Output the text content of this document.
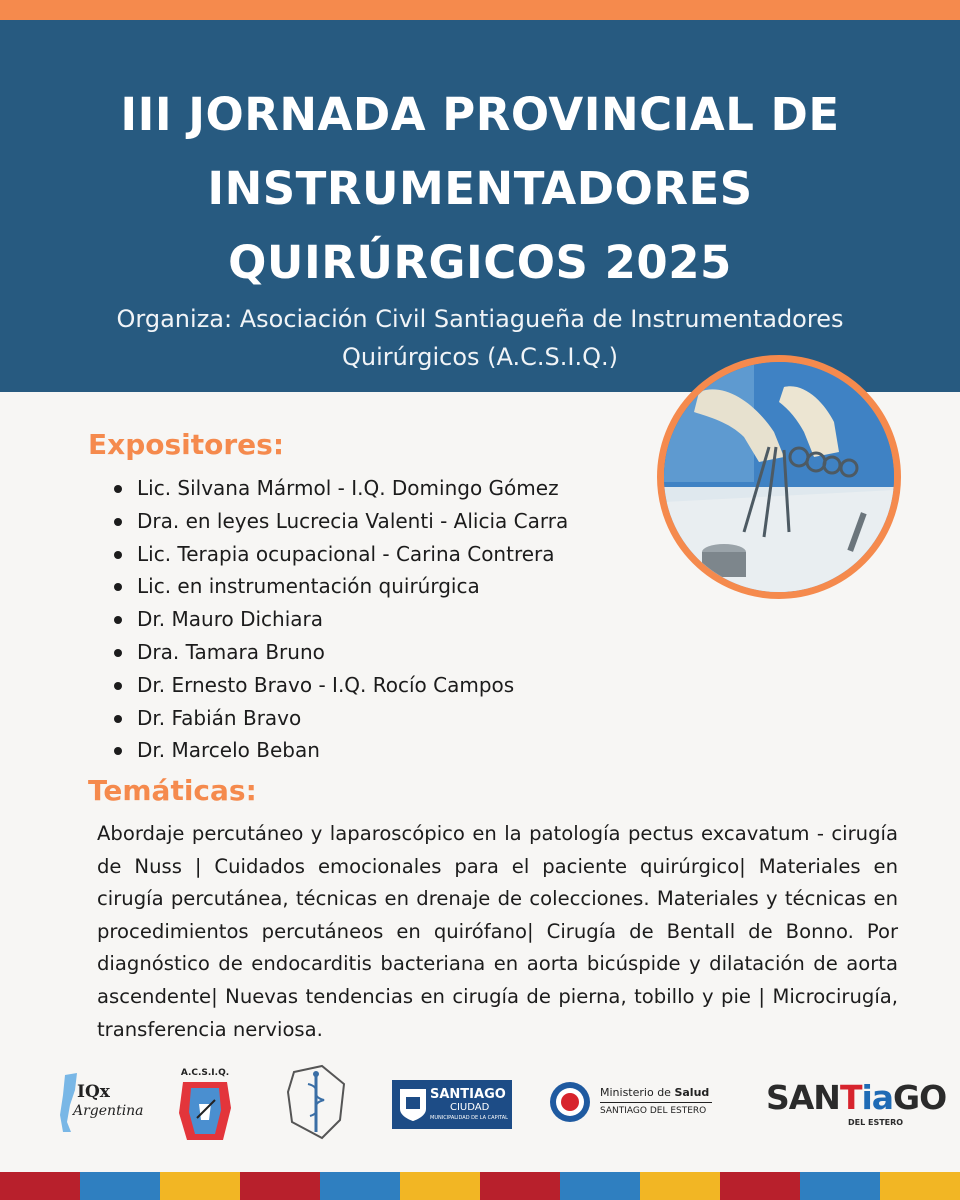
III JORNADA PROVINCIAL DE
INSTRUMENTADORES
QUIRÚRGICOS 2025

Organiza: Asociación Civil Santiagueña de Instrumentadores
Quirúrgicos (A.C.S.I.Q.)

Expositores:
Lic. Silvana Mármol - I.Q. Domingo Gómez
Dra. en leyes Lucrecia Valenti - Alicia Carra
Lic. Terapia ocupacional - Carina Contrera
Lic. en instrumentación quirúrgica
Dr. Mauro Dichiara
Dra. Tamara Bruno
Dr. Ernesto Bravo - I.Q. Rocío Campos
Dr. Fabián Bravo
Dr. Marcelo Beban
Temáticas:

Abordaje percutáneo y laparoscópico en la patología pectus excavatum - cirugía de Nuss | Cuidados emocionales para el paciente quirúrgico| Materiales en cirugía percutánea, técnicas en drenaje de colecciones. Materiales y técnicas en procedimientos percutáneos en quirófano| Cirugía de Bentall de Bonno. Por diagnóstico de endocarditis bacteriana en aorta bicúspide y dilatación de aorta ascendente| Nuevas tendencias en cirugía de pierna, tobillo y pie | Microcirugía, transferencia nerviosa.

IQx
Argentina
A.C.S.I.Q.
SANTIAGO
CIUDAD
MUNICIPALIDAD DE LA CAPITAL
Ministerio de Salud
SANTIAGO DEL ESTERO SANTiaGO
DEL ESTERO
